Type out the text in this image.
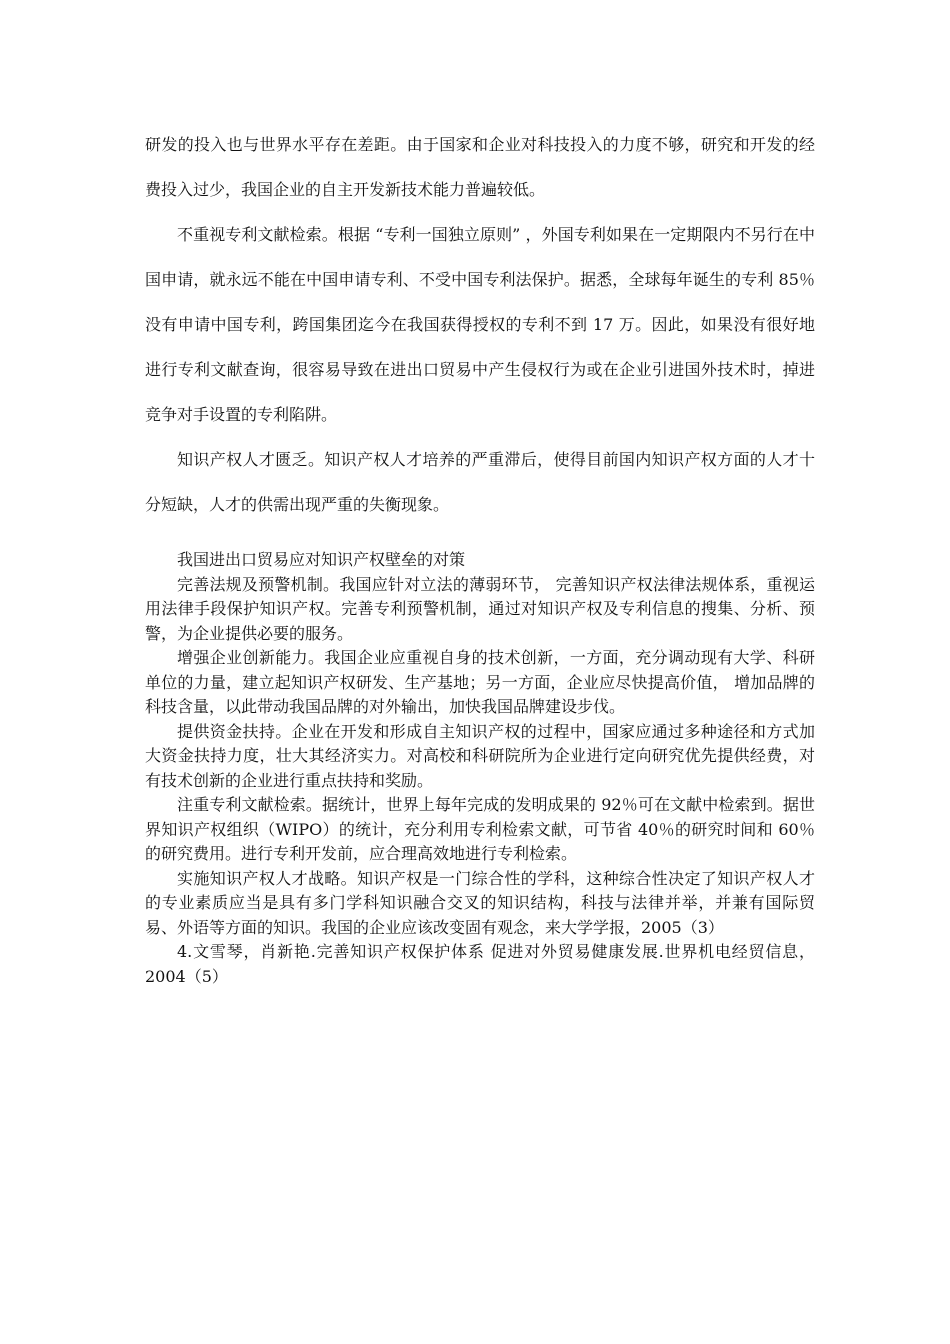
研发的投入也与世界水平存在差距。由于国家和企业对科技投入的力度不够，研究和开发的经费投入过少，我国企业的自主开发新技术能力普遍较低。

不重视专利文献检索。根据 “专利一国独立原则” ，外国专利如果在一定期限内不另行在中国申请，就永远不能在中国申请专利、不受中国专利法保护。据悉，全球每年诞生的专利 85％没有申请中国专利，跨国集团迄今在我国获得授权的专利不到 17 万。因此，如果没有很好地进行专利文献查询，很容易导致在进出口贸易中产生侵权行为或在企业引进国外技术时，掉进竞争对手设置的专利陷阱。

知识产权人才匮乏。知识产权人才培养的严重滞后，使得目前国内知识产权方面的人才十分短缺，人才的供需出现严重的失衡现象。

我国进出口贸易应对知识产权壁垒的对策

完善法规及预警机制。我国应针对立法的薄弱环节， 完善知识产权法律法规体系，重视运用法律手段保护知识产权。完善专利预警机制，通过对知识产权及专利信息的搜集、分析、预警，为企业提供必要的服务。

增强企业创新能力。我国企业应重视自身的技术创新，一方面，充分调动现有大学、科研单位的力量，建立起知识产权研发、生产基地；另一方面，企业应尽快提高价值， 增加品牌的科技含量，以此带动我国品牌的对外输出，加快我国品牌建设步伐。

提供资金扶持。企业在开发和形成自主知识产权的过程中，国家应通过多种途径和方式加大资金扶持力度，壮大其经济实力。对高校和科研院所为企业进行定向研究优先提供经费，对有技术创新的企业进行重点扶持和奖励。

注重专利文献检索。据统计，世界上每年完成的发明成果的 92％可在文献中检索到。据世界知识产权组织（WIPO）的统计，充分利用专利检索文献，可节省 40％的研究时间和 60％的研究费用。进行专利开发前，应合理高效地进行专利检索。

实施知识产权人才战略。知识产权是一门综合性的学科，这种综合性决定了知识产权人才的专业素质应当是具有多门学科知识融合交叉的知识结构，科技与法律并举，并兼有国际贸易、外语等方面的知识。我国的企业应该改变固有观念，来大学学报，2005（3）

4.文雪琴，肖新艳.完善知识产权保护体系 促进对外贸易健康发展.世界机电经贸信息，2004（5）
